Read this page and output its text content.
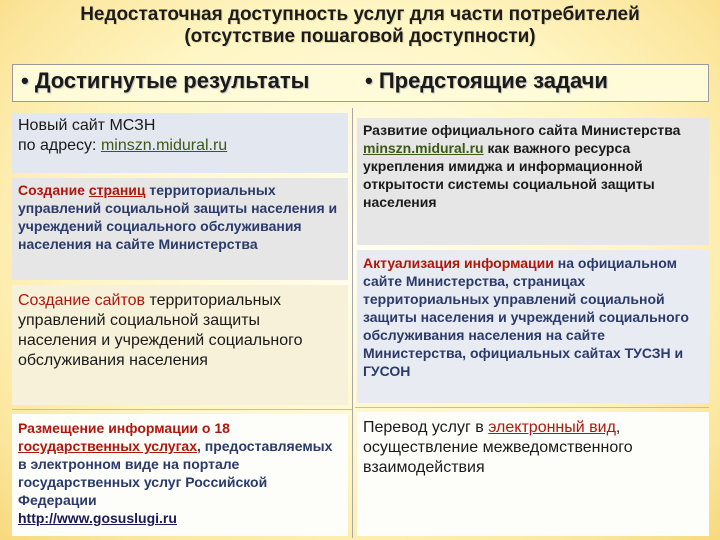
Недостаточная доступность услуг для части потребителей
(отсутствие пошаговой доступности)
• Достигнутые результаты	• Предстоящие задачи
Новый сайт МСЗН
по адресу: minszn.midural.ru
Создание страниц территориальных управлений социальной защиты населения и учреждений социального обслуживания населения на сайте Министерства
Создание сайтов территориальных управлений социальной защиты населения и учреждений социального обслуживания населения
Размещение информации о 18 государственных услугах, предоставляемых в электронном виде на портале государственных услуг Российской Федерации
http://www.gosuslugi.ru
Развитие официального сайта Министерства minszn.midural.ru как важного ресурса укрепления имиджа и информационной открытости системы социальной защиты населения
Актуализация информации на официальном сайте Министерства, страницах территориальных управлений социальной защиты населения и учреждений социального обслуживания населения на сайте Министерства, официальных сайтах ТУСЗН и ГУСОН
Перевод услуг в электронный вид, осуществление межведомственного взаимодействия
